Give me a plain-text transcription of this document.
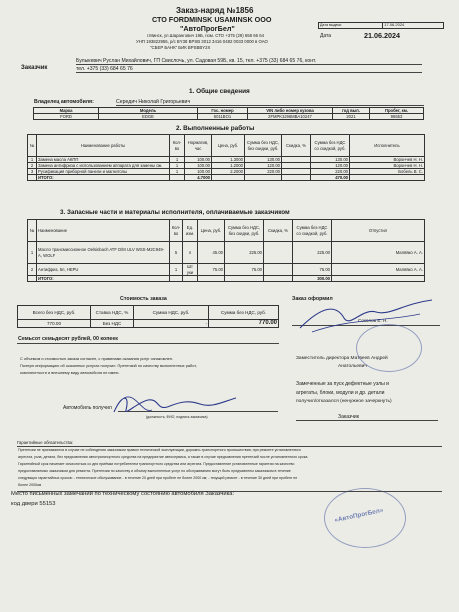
Заказ-наряд №1856
СТО FORDMINSK USAMINSK ООО
"АвтоПрогБел"
г.Минск, ул.Шарангович 19Б, пом. СТО +375 (29) 658 66 64
УНП 193822955, р/с BY38 BPSB 3012 3416 0482 0033 0000 в ОАО
"СБЕР БАНК" БИК BPSBBY2X
Дата выдачи	17.06.2024
Дата	21.06.2024
Заказчик
Булыкевич Руслан Михайлович, ГП Свислочь, ул. Садовая 59Б, кв. 15, тел. +375 (33) 684 65 76, конт.
тел. +375 (33) 684 65 76
1. Общие сведения
Владелец автомобиля:	Середич Николай Григорьевич
Марка	Модель	Гос. номер	VIN либо номер кузова	год вып.	Пробег, км.
FORD	EDGE	6011BO1	2FMPK3J96MBA10247	2021	96553
2. Выполненные работы
№	Наименование работы	Кол-во	Норматив, час	Цена, руб.	Сумма без НДС, без скидки, руб.	Скидка, %	Сумма без НДС со скидкой, руб.	Исполнитель
1	Замена масла АКПП	1	100.00	1.3000	130.00		130.00	Ворончев Н. Н.
2	Замена антифриза с использованием аппарата для замены ож.	1	100.00	1.2000	120.00		120.00	Ворончев Н. Н.
3	Русификация приборной панели и магнитолы	1	100.00	2.2000	220.00		220.00	Бобель В. С.
	ИТОГО:		4.7000				470.00	
3. Запасные части и материалы исполнителя, оплачиваемые заказчиком
№	Наименование	Кол-во	Ед. изм.	Цена, руб.	Сумма без НДС, без скидки, руб.	Скидка, %	Сумма без НДС со скидкой, руб.	Отпустил
1	Масло трансмиссионное Oelsinbach ATF D/M ULV WSS-M2C949-A, WOLF	5	л	45.00	225.00		225.00	Малявко А. А.
2	Антифриз, 5л, HEPU	1	Шт уки	75.00	75.00		75.00	Малявко А. А.
	ИТОГО:						300.00	
Стоимость заказа
Всего без НДС, руб.	Ставка НДС, %	Сумма НДС, руб.	Сумма без НДС, руб.
770.00	Без НДС	-	770.00
Семьсот семьдесят рублей, 00 копеек
С объемом и стоимостью заказа согласен, с правилами оказания услуг ознакомлен.
Полную информацию об оказанных услугах получил. Претензий по качеству выполненных работ,
комплектности и внешнему виду автомобиля не имею.
Автомобиль получил
(должность, ФИО, подпись заказчика)
Заказ оформил
Соколов Е. Н.
Заместитель директора Матвеев Андрей
Анатольевич
Замеченные за пуск дефектные узлы и
агрегаты, блоки, модули и др. детали
получил/отказался (ненужное зачеркнуть)
Заказчик
«АвтоПрогБел»
Гарантийные обязательства:
Претензии не принимаются в случае не соблюдения заказчиком правил технической эксплуатации, дорожно-транспортного происшествия, при ремонте установленного
агрегата, узла, детали, без предъявления автотранспортного средства на предприятие автосервиса, а также в случае предъявления претензий после установленного срока.
Гарантийный срок начинает исчисляться со дня приёмки потребителем транспортного средства или агрегата. Предоставление установленные гарантии на качество
предоставляемых заказчиком для ремонта. Претензии по качеству и объему выполненных услуг по обслуживанию могут быть предъявлены заказчиком в течение
следующих гарантийных сроков: - техническое обслуживание - в течение 20 дней при пробеге не более 2000 км; - текущий ремонт - в течение 30 дней при пробеге не
более 2000км
Место письменных замечаний по техническому состоянию автомобиля Заказчика:
код двери 55153
